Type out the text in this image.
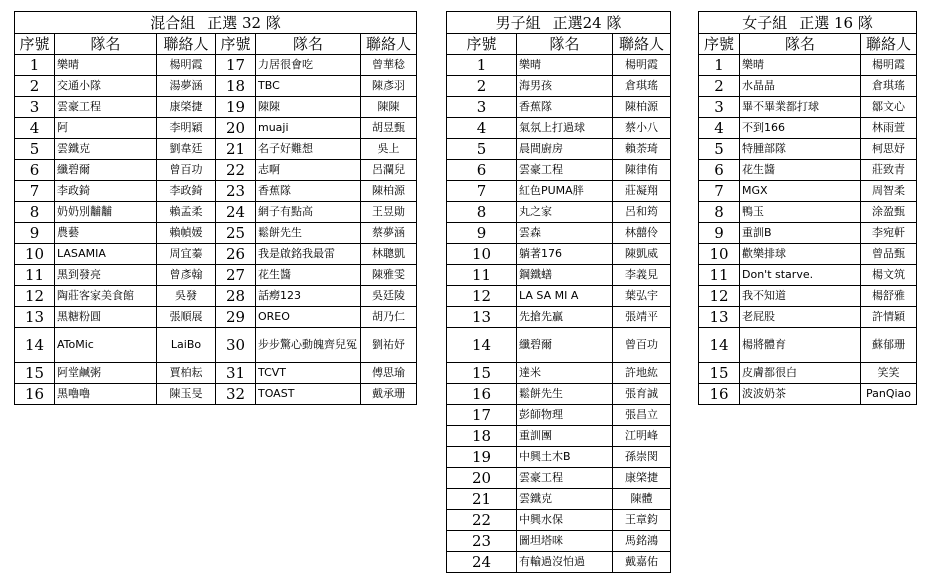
混合組 正選 32 隊					
序號	隊名	聯絡人	序號	隊名	聯絡人
1	樂晴	楊明霞	17	力居很會吃	曾華稔
2	交通小隊	湯夢涵	18	TBC	陳彥羽
3	雲豪工程	康棨捷	19	陳陳	陳陳
4	阿	李明穎	20	muaji	胡昱甄
5	雲鐵克	劉韋廷	21	名子好難想	吳上
6	纖碧爾	曾百功	22	志啊	呂瀾兒
7	李政錡	李政錡	23	香蕉隊	陳柏源
8	奶奶別黼黼	賴孟柔	24	網子有點高	王昱勛
9	農藝	賴幀媛	25	鬆餅先生	蔡夢涵
10	LASAMIA	周宜蓁	26	我是啟銘我最雷	林聰凱
11	黑到發亮	曾彥翰	27	花生醬	陳雅雯
12	陶莊客家美食館	吳發	28	話癆123	吳廷陵
13	黑糖粉圓	張順展	29	OREO	胡乃仁
14	AToMic	LaiBo	30	步步驚心動魄齊兒冤	劉祐妤
15	阿堂鹹粥	賈柏耘	31	TCVT	傅思瑜
16	黑嚕嚕	陳玉旻	32	TOAST	戴承珊
男子組 正選24 隊		
序號	隊名	聯絡人
1	樂晴	楊明霞
2	海男孩	倉琪瑤
3	香蕉隊	陳柏源
4	氣氛上打過球	蔡小八
5	晨間廚房	賴荼琦
6	雲豪工程	陳律侑
7	紅色PUMA胖	莊凝翔
8	丸之家	呂和筠
9	雲森	林囍伶
10	躺著176	陳凱威
11	鋼鐵蟮	李義見
12	LA SA MI A	葉弘宇
13	先搶先贏	張靖平
14	纖碧爾	曾百功
15	達米	許地紘
16	鬆餅先生	張育誠
17	彭師物理	張昌立
18	重訓團	江明峰
19	中興土木B	孫崇閔
20	雲豪工程	康棨捷
21	雲鐵克	陳體
22	中興水保	王章鈞
23	圖坦塔咪	馬銘鴻
24	有輸過沒怕過	戴嘉佑
女子組 正選 16 隊		
序號	隊名	聯絡人
1	樂晴	楊明霞
2	水晶晶	倉琪瑤
3	畢不畢業都打球	鄒文心
4	不到166	林雨萱
5	特腫部隊	柯思妤
6	花生醬	莊致青
7	MGX	周智柔
8	鴨玉	涂盈甄
9	重訓B	李宛軒
10	歡樂排球	曾品甄
11	Don't starve.	楊文筑
12	我不知道	楊舒雅
13	老屁股	許情穎
14	楊將體育	蘇郁珊
15	皮膚都很白	笑笑
16	波波奶茶	PanQiao
